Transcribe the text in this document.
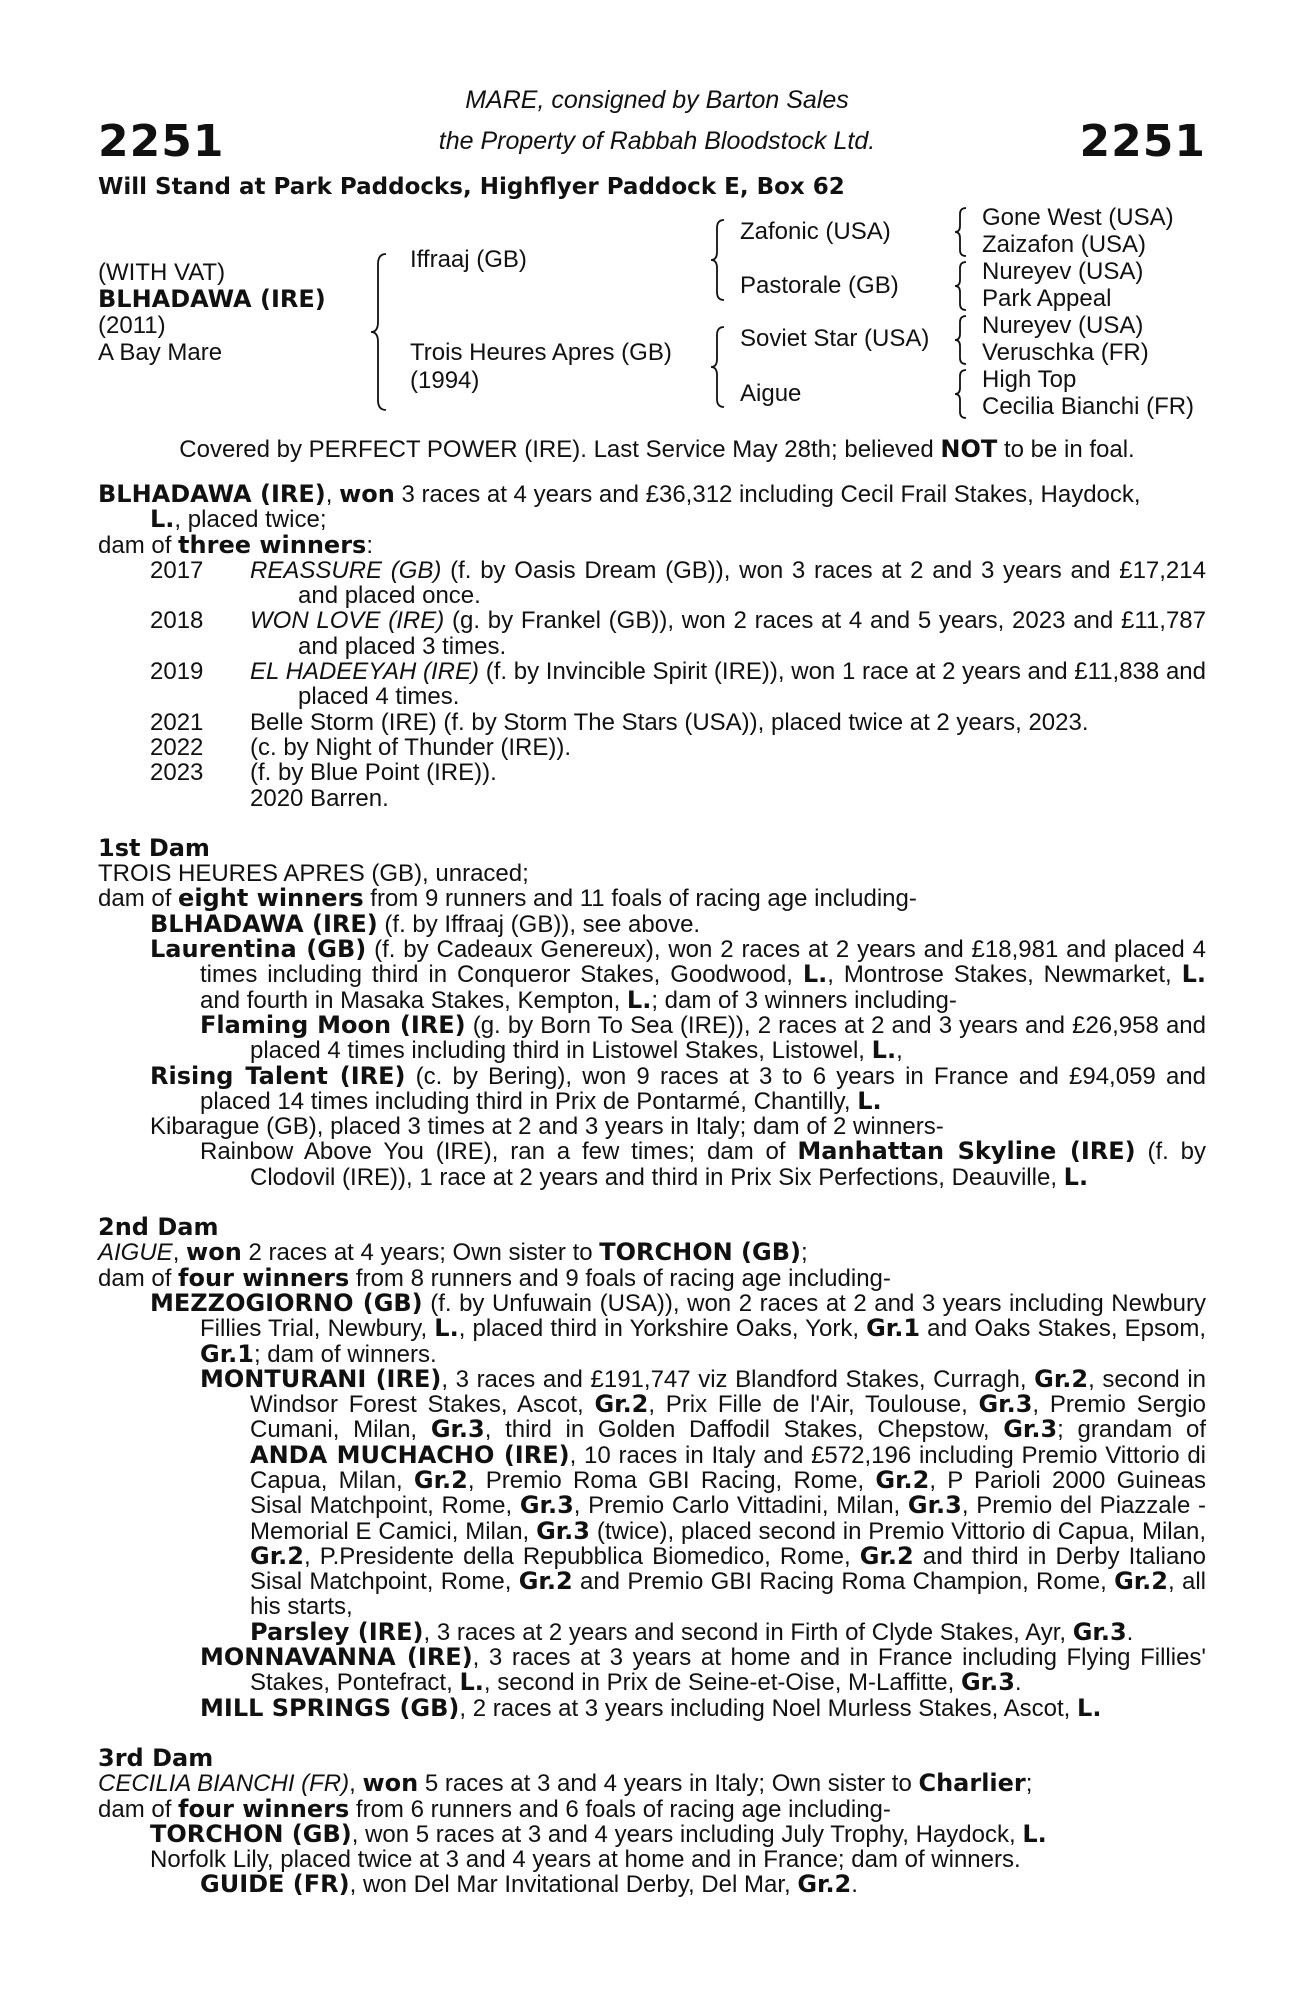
2251	2251
MARE, consigned by Barton Sales
the Property of Rabbah Bloodstock Ltd.
Will Stand at Park Paddocks, Highflyer Paddock E, Box 62
(WITH VAT)
BLHADAWA (IRE)
(2011)
A Bay Mare
Iffraaj (GB)
Trois Heures Apres (GB)
(1994)
Zafonic (USA)
Pastorale (GB)
Soviet Star (USA)
Aigue
Gone West (USA)
Zaizafon (USA)
Nureyev (USA)
Park Appeal
Nureyev (USA)
Veruschka (FR)
High Top
Cecilia Bianchi (FR)
Covered by PERFECT POWER (IRE). Last Service May 28th; believed NOT to be in foal.

BLHADAWA (IRE), won 3 races at 4 years and £36,312 including Cecil Frail Stakes, Haydock,
L., placed twice;

dam of three winners:

2017	REASSURE (GB) (f. by Oasis Dream (GB)), won 3 races at 2 and 3 years and £17,214 and placed once.
2018	WON LOVE (IRE) (g. by Frankel (GB)), won 2 races at 4 and 5 years, 2023 and £11,787 and placed 3 times.
2019	EL HADEEYAH (IRE) (f. by Invincible Spirit (IRE)), won 1 race at 2 years and £11,838 and placed 4 times.
2021	Belle Storm (IRE) (f. by Storm The Stars (USA)), placed twice at 2 years, 2023.
2022	(c. by Night of Thunder (IRE)).
2023	(f. by Blue Point (IRE)).
2020 Barren.
1st Dam

TROIS HEURES APRES (GB), unraced;

dam of eight winners from 9 runners and 11 foals of racing age including-

BLHADAWA (IRE) (f. by Iffraaj (GB)), see above.

Laurentina (GB) (f. by Cadeaux Genereux), won 2 races at 2 years and £18,981 and placed 4 times including third in Conqueror Stakes, Goodwood, L., Montrose Stakes, Newmarket, L. and fourth in Masaka Stakes, Kempton, L.; dam of 3 winners including-

Flaming Moon (IRE) (g. by Born To Sea (IRE)), 2 races at 2 and 3 years and £26,958 and placed 4 times including third in Listowel Stakes, Listowel, L.,

Rising Talent (IRE) (c. by Bering), won 9 races at 3 to 6 years in France and £94,059 and placed 14 times including third in Prix de Pontarmé, Chantilly, L.

Kibarague (GB), placed 3 times at 2 and 3 years in Italy; dam of 2 winners-

Rainbow Above You (IRE), ran a few times; dam of Manhattan Skyline (IRE) (f. by Clodovil (IRE)), 1 race at 2 years and third in Prix Six Perfections, Deauville, L.

2nd Dam

AIGUE, won 2 races at 4 years; Own sister to TORCHON (GB);

dam of four winners from 8 runners and 9 foals of racing age including-

MEZZOGIORNO (GB) (f. by Unfuwain (USA)), won 2 races at 2 and 3 years including Newbury Fillies Trial, Newbury, L., placed third in Yorkshire Oaks, York, Gr.1 and Oaks Stakes, Epsom, Gr.1; dam of winners.

MONTURANI (IRE), 3 races and £191,747 viz Blandford Stakes, Curragh, Gr.2, second in Windsor Forest Stakes, Ascot, Gr.2, Prix Fille de l'Air, Toulouse, Gr.3, Premio Sergio Cumani, Milan, Gr.3, third in Golden Daffodil Stakes, Chepstow, Gr.3; grandam of ANDA MUCHACHO (IRE), 10 races in Italy and £572,196 including Premio Vittorio di Capua, Milan, Gr.2, Premio Roma GBI Racing, Rome, Gr.2, P Parioli 2000 Guineas Sisal Matchpoint, Rome, Gr.3, Premio Carlo Vittadini, Milan, Gr.3, Premio del Piazzale - Memorial E Camici, Milan, Gr.3 (twice), placed second in Premio Vittorio di Capua, Milan, Gr.2, P.Presidente della Repubblica Biomedico, Rome, Gr.2 and third in Derby Italiano Sisal Matchpoint, Rome, Gr.2 and Premio GBI Racing Roma Champion, Rome, Gr.2, all his starts,
Parsley (IRE), 3 races at 2 years and second in Firth of Clyde Stakes, Ayr, Gr.3.

MONNAVANNA (IRE), 3 races at 3 years at home and in France including Flying Fillies' Stakes, Pontefract, L., second in Prix de Seine-et-Oise, M-Laffitte, Gr.3.

MILL SPRINGS (GB), 2 races at 3 years including Noel Murless Stakes, Ascot, L.

3rd Dam

CECILIA BIANCHI (FR), won 5 races at 3 and 4 years in Italy; Own sister to Charlier;

dam of four winners from 6 runners and 6 foals of racing age including-

TORCHON (GB), won 5 races at 3 and 4 years including July Trophy, Haydock, L.

Norfolk Lily, placed twice at 3 and 4 years at home and in France; dam of winners.

GUIDE (FR), won Del Mar Invitational Derby, Del Mar, Gr.2.
